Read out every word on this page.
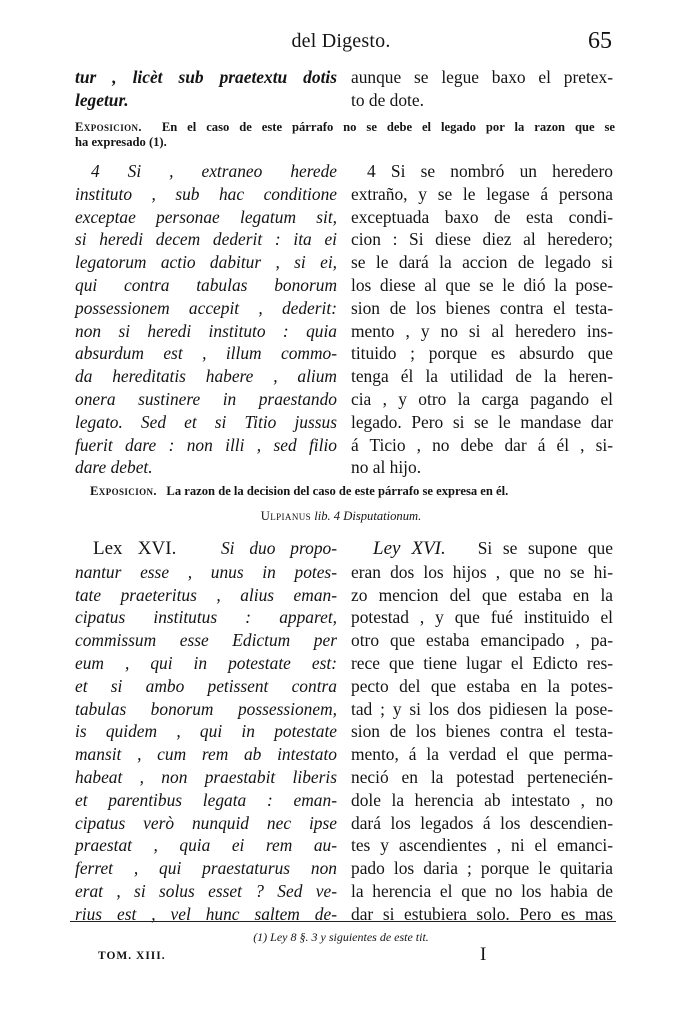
del Digesto.	65
tur , licèt sub praetextu dotis
legetur.
aunque se legue baxo el pretex-
to de dote.
Exposicion. En el caso de este párrafo no se debe el legado por la razon que se
ha expresado (1).
4 Si , extraneo herede
instituto , sub hac conditione
exceptae personae legatum sit,
si heredi decem dederit : ita ei
legatorum actio dabitur , si ei,
qui contra tabulas bonorum
possessionem accepit , dederit:
non si heredi instituto : quia
absurdum est , illum commo-
da hereditatis habere , alium
onera sustinere in praestando
legato. Sed et si Titio jussus
fuerit dare : non illi , sed filio
dare debet.
4 Si se nombró un heredero
extraño, y se le legase á persona
exceptuada baxo de esta condi-
cion : Si diese diez al heredero;
se le dará la accion de legado si
los diese al que se le dió la pose-
sion de los bienes contra el testa-
mento , y no si al heredero ins-
tituido ; porque es absurdo que
tenga él la utilidad de la heren-
cia , y otro la carga pagando el
legado. Pero si se le mandase dar
á Ticio , no debe dar á él , si-
no al hijo.
Exposicion. La razon de la decision del caso de este párrafo se expresa en él.
Ulpianus lib. 4 Disputationum.
Lex XVI.	Si duo propo-
nantur esse , unus in potes-
tate praeteritus , alius eman-
cipatus institutus : apparet,
commissum esse Edictum per
eum , qui in potestate est:
et si ambo petissent contra
tabulas bonorum possessionem,
is quidem , qui in potestate
mansit , cum rem ab intestato
habeat , non praestabit liberis
et parentibus legata : eman-
cipatus verò nunquid nec ipse
praestat , quia ei rem au-
ferret , qui praestaturus non
erat , si solus esset ? Sed ve-
rius est , vel hunc saltem de-
Ley XVI. Si se supone que
eran dos los hijos , que no se hi-
zo mencion del que estaba en la
potestad , y que fué instituido el
otro que estaba emancipado , pa-
rece que tiene lugar el Edicto res-
pecto del que estaba en la potes-
tad ; y si los dos pidiesen la pose-
sion de los bienes contra el testa-
mento, á la verdad el que perma-
neció en la potestad pertenecién-
dole la herencia ab intestato , no
dará los legados á los descendien-
tes y ascendientes , ni el emanci-
pado los daria ; porque le quitaria
la herencia el que no los habia de
dar si estubiera solo. Pero es mas
(1) Ley 8 §. 3 y siguientes de este tit.
TOM. XIII.	I
